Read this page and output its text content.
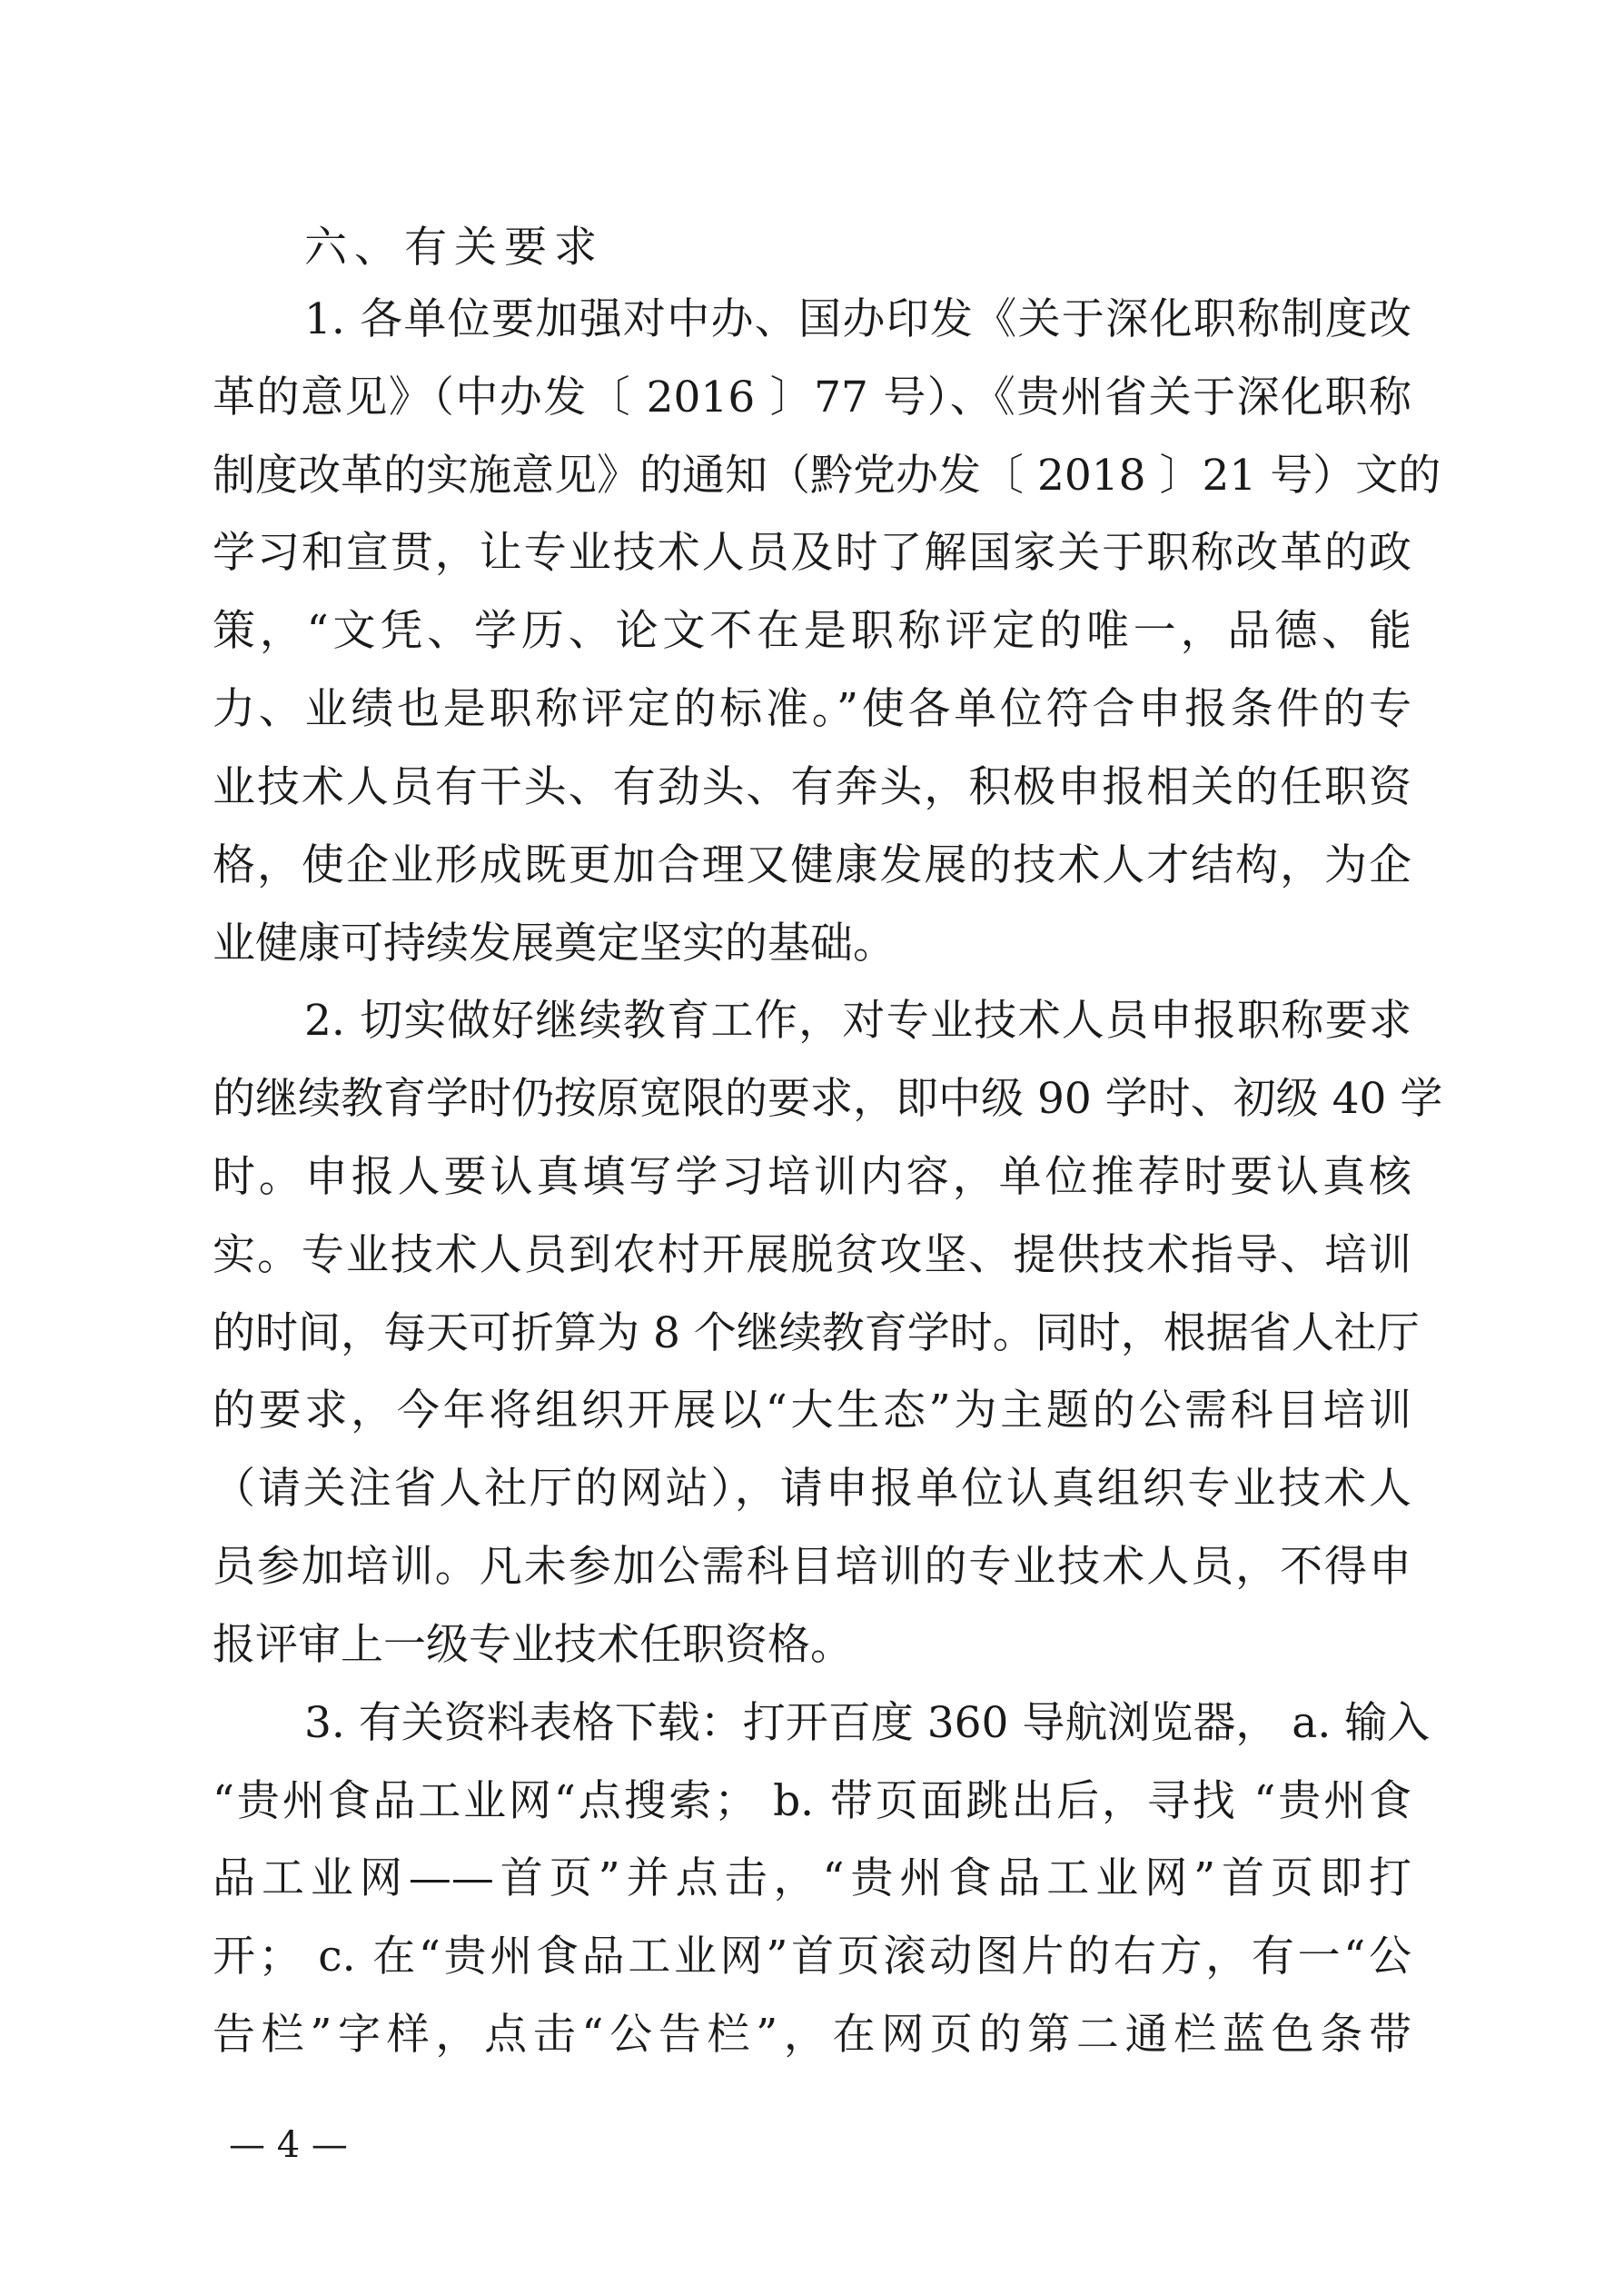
六、有关要求
1. 各单位要加强对中办、国办印发《关于深化职称制度改
革的意见》（中办发〔 2016 〕77 号）、《贵州省关于深化职称
制度改革的实施意见》的通知（黔党办发〔 2018 〕21 号）文的
学习和宣贯，让专业技术人员及时了解国家关于职称改革的政
策，“文凭、学历、论文不在是职称评定的唯一，品德、能
力、业绩也是职称评定的标准。”使各单位符合申报条件的专
业技术人员有干头、有劲头、有奔头，积极申报相关的任职资
格，使企业形成既更加合理又健康发展的技术人才结构，为企
业健康可持续发展奠定坚实的基础。
2. 切实做好继续教育工作，对专业技术人员申报职称要求
的继续教育学时仍按原宽限的要求，即中级 90 学时、初级 40 学
时。申报人要认真填写学习培训内容，单位推荐时要认真核
实。专业技术人员到农村开展脱贫攻坚、提供技术指导、培训
的时间，每天可折算为 8 个继续教育学时。同时，根据省人社厅
的要求，今年将组织开展以“大生态”为主题的公需科目培训
（请关注省人社厅的网站），请申报单位认真组织专业技术人
员参加培训。凡未参加公需科目培训的专业技术人员，不得申
报评审上一级专业技术任职资格。
3. 有关资料表格下载：打开百度 360 导航浏览器， a. 输入
“贵州食品工业网“点搜索； b. 带页面跳出后，寻找 “贵州食
品工业网——首页”并点击，“贵州食品工业网”首页即打
开； c. 在“贵州食品工业网”首页滚动图片的右方，有一“公
告栏”字样，点击“公告栏”，在网页的第二通栏蓝色条带
— 4 —
